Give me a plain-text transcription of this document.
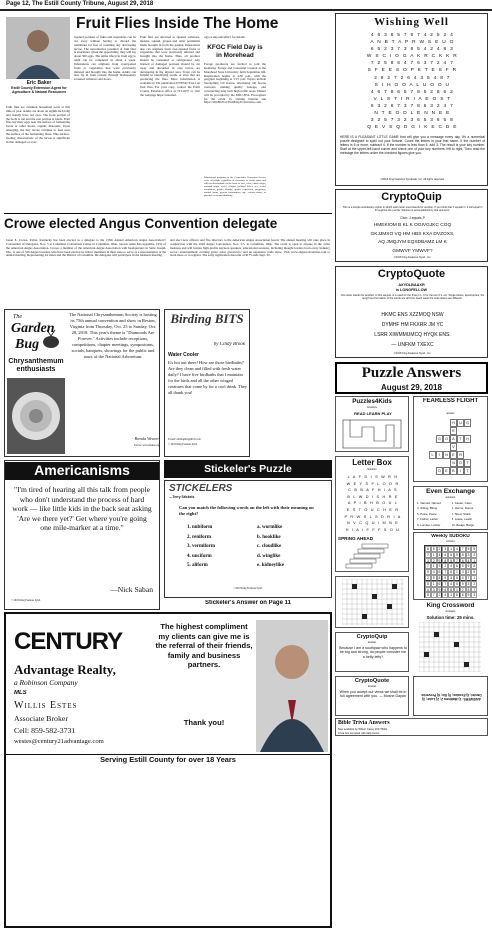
Page 12, The Estill County Tribune, August 29, 2018
Fruit Flies Inside The Home
Eric Baker
Estill County Extension Agent for Agriculture & Natural Resources
Fruit flies are common household pests at this time of year. Adults are about an eighth-inch long and usually have red eyes. The front portion of the body is tan and the rear portion is black. Fruit flies lay their eggs near the surface of fermenting foods or other moist, organic materials. Upon emerging, the tiny larvae continue to feed near the surface of the fermenting mass. This surface-feeding characteristic of the larvae is significant in that damaged or over-
ripened portions of fruits and vegetables can be cut away without having to discard the remainder for fear of retaining any developing larvae. The reproductive potential of fruit flies is enormous; given the opportunity, they will lay about 500 eggs. The entire lifecycle from egg to adult can be completed in about a week. Infestations can originate from overripened fruits or vegetables that were previously infested and brought into the home. Adults can also fly in from outside through inadequately screened windows and doors.
Fruit flies are attracted to ripened tomatoes, melons, squash, grapes and other perishable items brought in from the garden. Infestations also can originate from over-ripened fruits or vegetables that were previously infested and brought into the home. Thus, all produce should be consumed or refrigerated. Any bruised or damaged portions should be cut away and discarded in case larvae are developing in the injured area. Traps can be helpful in identifying rooms or sites that are producing the flies. More information is available in UK publication ENTFACT-621 on fruit flies. For your copy, contact the Estill County Extension office at 723-4557 or visit the webpage https://entomol-
ogy.ca.uky.edu/ef621 for details.
KFGC Field Day is in Morehead
Forage producers are invited to join the Kentucky Forage and Grassland Council at the Morehead State University farm September 6th. Registration begins at 4:30 p.m., with the program beginning at 5:15 p.m. Topics include Stockpiling tall fescue, alleviating tall fescue toxicosis, making quality baleage, and constructing long term high traffic areas. Dinner will be provided by the MSU-FFA. Pre-register for the event by visiting internet site https://2018KFGCFieldDay.Event-brite.com.
Educational programs of the Cooperative Extension Service serve all people regardless of economic or social status and will not discriminate on the basis of race, color, ethnic origin, national origin, creed, religion, political belief, sex, sexual orientation, gender identity, gender expression, pregnancy, marital status, genetic information, age, veteran status, or physical or mental disability.
Wishing Well
4 6 3 8 5 7 5 7 4 2 5 2 4
A N B T A P R W S E U O
6 5 2 3 7 3 8 5 4 2 4 8 3
W S C I O G A K R C K K R
7 2 5 8 6 4 7 6 3 7 2 4 7
S F E E S O P K T E S F R
2 8 2 7 2 6 4 3 5 4 8 7
S I H O O A L U O O U
4 6 7 8 6 5 7 8 5 2 8 6 2
V L S T I R I A E O S T
6 3 2 6 7 3 7 8 6 3 2 4 7
N T E O D L E N N E E
3 2 5 7 3 2 3 6 5 3 6 5 8
Q E V S Q D G I K E C D E
HERE IS A PLEASANT LITTLE GAME that will give you a message every day. It's a numerical puzzle designed to spell out your fortune. Count the letters in your first name. If the number of letters is 6 or more, subtract 4. If the number is less than 6, add 3. The result is your key number. Start at the upper-left hand corner and check one of your key numbers, left to right. Then read the message the letters under the checked figures give you.
©2018 King Features Syndicate, Inc. All rights reserved.
CryptoQuip
This is a simple substitution cipher in which each letter used stands for another. If you think that X equals O, it will equal O throughout the puzzle. Solution is accomplished by trial and error.
Clue: J equals P
HMEKIOM B KL K OGIVGJKC CGQ
GKJJMXO VQ HM HBS KXA DVZOXS,
AQ JMQJYM EQXDBAMZ LM K
GMWVF YMWVF?
©2018 King Features Synd., Inc.
Crowe elected Angus Convention delegate
Jason E. Crowe, Irvine, Kentucky has been elected as a delegate to the 135th Annual American Angus Association® Convention of Delegates, Nov. 5 at Columbus Convention Center in Columbus, Ohio, reports Allen Moczygemba, CEO of the American Angus Association. Crowe, a member of the American Angus Association with headquarters in Saint Joseph, Mo., is one of 329 Angus breeders who have been elected by fellow members in their state to serve as a representative at the annual meeting. Representing 44 states and the District of Columbia, the delegates will participate in the business meeting
and elect new officers and five directors to the American Angus Association board. The annual meeting will take place in conjunction with the 2018 Angus Convention, Nov. 3-5, in Columbus, Ohio. The event is open to anyone in the cattle business and will feature high-profile keynote speakers, educational sessions, including thought leaders from every industry sector; entertainment; evening galas; prize giveaways; and an expansive trade show. Visit www.angusconvention.com to learn more or to register. The early registration discount of $175 ends Sept. 30.
CryptoQuote
AXYDLBAAXR
is LONGFELLOW
One letter stands for another. In this sample, A is used for the three L's, X for the two O's, etc. Single letters, apostrophes, the length and formation of the words are all hints. Each week the code letters are different.
HKMC ENS XZZMOQ NSW
DYMHF HM FKXRR JM YC
LSRR XIWMMUMCQ HYQK ENS.
— UNFKM TXEXC
©2018 King Features Synd., Inc.
The
Garden
Bug
Chrysanthemum enthusiasts
The National Chrysanthemum Society is hosting its 75th annual convention and show in Reston, Virginia from Thursday, Oct. 25 to Sunday, Oct. 28, 2018. This year's theme is "Diamonds Are Forever." Activities include receptions, competitions, chapter meetings, symposiums, socials, banquets, showings for the public and tours of the National Arboretum.
- Brenda Weaver
Source: www.mums.org
Birding BITS
by Cindy Brook
Water Cooler
It's hot out there! How are those birdbaths? Are they clean and filled with fresh water daily? I have five birdbaths that I maintain for the birds and all the other winged creatures that come by for a cool drink. They all thank you!
E-mail: birdingbits@drtvh.com
© 2018 King Features Synd.
Puzzle Answers
August 29, 2018
Americanisms
"I'm tired of hearing all this talk from people who don't understand the process of hard work — like little kids in the back seat asking 'Are we there yet?' Get where you're going one mile-marker at a time."
—Nick Saban
© 2018 King Features Synd.
Stickeler's Puzzle
STICKELERS
—Terry Stickels
Can you match the following words on the left with their meaning on the right?
1. nubiform
2. reniform
3. vermiform
4. unciform
5. aliform
a. wormlike
b. hooklike
c. cloudlike
d. winglike
e. kidneylike
©2018 King Features Synd.
Stickeler's Answer on Page 11
Puzzles4Kids
Answers
READ LEARN PLAY
FEARLESS FLIGHT
answer
H	U	G
E
G	O	A	T	H
V
L	I	N	E	R
N	O	T
D	E	B	I	T
Letter Box
Solution
L A F D I S W R H
W E Y S F L O O R
C B B A F H I A S
B L W D I S H R E
A P I B H B O U L
E S T O U C H E R
P R W S L S D R I A
N V C Q U I M N E
H I A I F F F S O U
SPRING AHEAD
Even Exchange
answers
1. Vanned, Named	2. Caster, Cater
3. Sitting, Biting	4. Humor, Rumor
5. Pulse, Paste	6. Shed, Shark
7. Father, Lather	8. Lease, Leash
9. Lumber, Limber	10. Badge, Barge
Weekly SUDOKU
Answer
6	8	2	3	1	4	7	5	9
7	1	4	6	5	9	8	3	2
3	2	9	8	5	7	6	4	1
7	1	3	2	4	6	5	9	8
9	4	6	7	8	1	3	2	5
2	5	8	9	3	6	4	7	1
8	1	6	7	4	5	9	3	2
4	3	9	6	8	1	2	5	7
5	7	2	4	1	8	6	9	3
King Crossword
Answers
Solution time: 25 mins.
CryptoQuip
answer
Because I am a southpaw who happens to be big and strong, do people consider me a hefty lefty?
CryptoQuote
answer
When you accept our views we shall be in full agreement with you. — Moshe Dayan
ANSWERS: 1) Matthew 2; 2) Luke; 3) Daniel; 4) Exodus; 5) Six; 6) Proverbs
Bible Trivia Answers
Now available by Wilson Casey 2017 Bible
Trivia box compiled with daily bonus
CENTURY
Advantage Realty,
a Robinson Company
MLS
Willis Estes
Associate Broker
Cell: 859-582-3731
westes@century21advantage.com
The highest compliment my clients can give me is the referral of their friends, family and business partners.
Thank you!
Serving Estill County for over 18 Years
